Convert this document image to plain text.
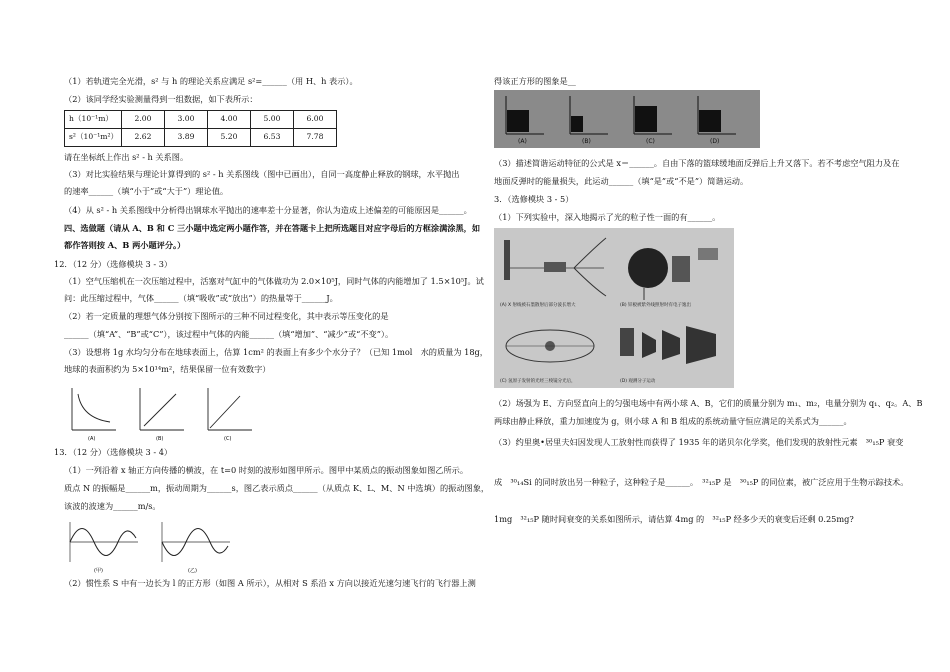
（1）若轨道完全光滑，s² 与 h 的理论关系应满足 s²=______（用 H、h 表示）。
（2）该同学经实验测量得到一组数据，如下表所示：
h（10⁻¹m）	2.00	3.00	4.00	5.00	6.00
s²（10⁻¹m²）	2.62	3.89	5.20	6.53	7.78
请在坐标纸上作出 s² - h 关系图。
（3）对比实验结果与理论计算得到的 s² - h 关系图线（图中已画出），自同一高度静止释放的钢球，水平抛出
的速率______（填“小于”或“大于”）理论值。
（4）从 s² - h 关系图线中分析得出钢球水平抛出的速率差十分显著，你认为造成上述偏差的可能原因是______。
四、选做题（请从 A、B 和 C 三小题中选定两小题作答，并在答题卡上把所选题目对应字母后的方框涂满涂黑，如
都作答则按 A、B 两小题评分。）
12．（12 分）（选修模块 3 - 3）
（1）空气压缩机在一次压缩过程中，活塞对气缸中的气体做功为 2.0×10⁵J，同时气体的内能增加了 1.5×10⁵J。试
问：此压缩过程中，气体______（填“吸收”或“放出”）的热量等于______J。
（2）若一定质量的理想气体分别按下图所示的三种不同过程变化，其中表示等压变化的是
______（填“A”、“B”或“C”），该过程中气体的内能______（填“增加”、“减少”或“不变”）。
（3）设想将 1g 水均匀分布在地球表面上，估算 1cm² 的表面上有多少个水分子？（已知 1mol　水的质量为 18g，
地球的表面积约为 5×10¹⁴m²，结果保留一位有效数字）
(A)	(B)	(C)
13．（12 分）（选修模块 3 - 4）
（1）一列沿着 x 轴正方向传播的横波，在 t=0 时刻的波形如图甲所示。图甲中某质点的振动图象如图乙所示。
质点 N 的振幅是______m，振动周期为______s，图乙表示质点______（从质点 K、L、M、N 中选填）的振动图象，
该波的波速为______m/s。
(甲)	(乙)
（2）惯性系 S 中有一边长为 l 的正方形（如图 A 所示），从相对 S 系沿 x 方向以接近光速匀速飞行的飞行器上测
得该正方形的图象是__
(A)	(B)	(C)	(D)
（3）描述简谐运动特征的公式是 x＝______。自由下落的篮球缓地面反弹后上升又落下。若不考虑空气阻力及在
地面反弹时的能量损失，此运动______（填“是”或“不是”）简谐运动。
3．（选修模块 3 - 5）
（1）下列实验中，深入地揭示了光的粒子性一面的有______。
(A) X 射线被石墨散射后部分波长增大	(B) 锌板被紫外线照射时有电子逸出
(C) 氢原子发射的光经三棱镜分光后，	(D) 观测分子运动
（2）场强为 E、方向竖直向上的匀强电场中有两小球 A、B，它们的质量分别为 m₁、m₂，电量分别为 q₁、q₂。A、B
两球由静止释放，重力加速度为 g，则小球 A 和 B 组成的系统动量守恒应满足的关系式为______。
（3）约里奥•居里夫妇因发现人工放射性而获得了 1935 年的诺贝尔化学奖，他们发现的放射性元素　³⁰₁₅P 衰变
成　³⁰₁₄Si 的同时放出另一种粒子，这种粒子是______。　³²₁₅P 是　³⁰₁₅P 的同位素，被广泛应用于生物示踪技术。
1mg　³²₁₅P 随时间衰变的关系如图所示，请估算 4mg 的　³²₁₅P 经多少天的衰变后还剩 0.25mg?
